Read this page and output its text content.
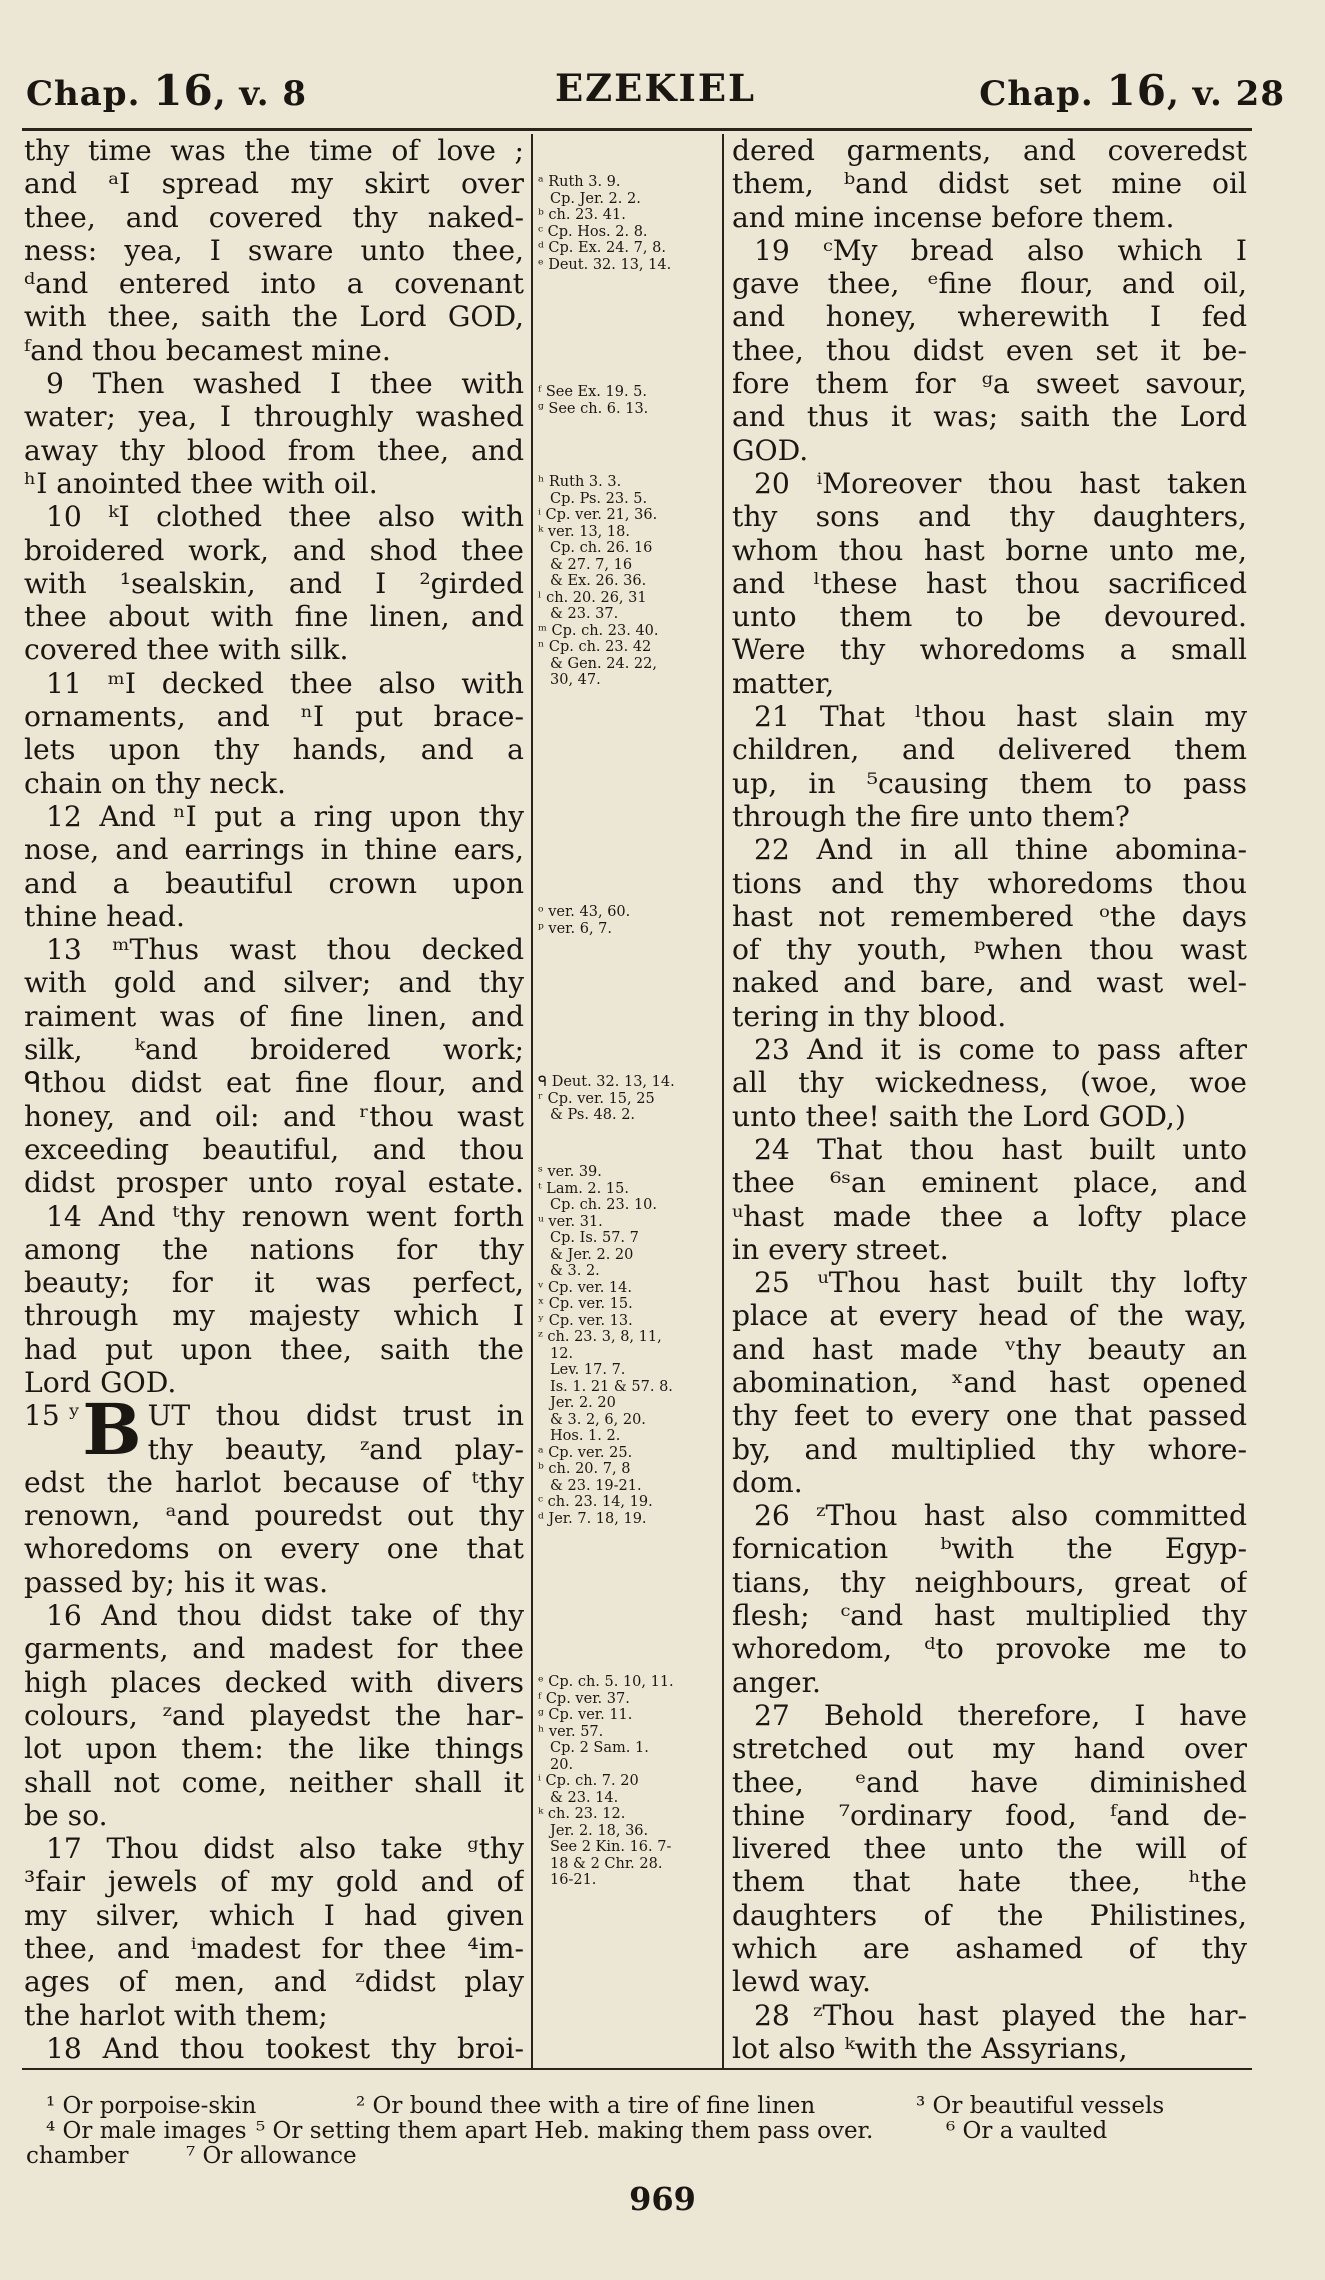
Chap. 16, v. 8	EZEKIEL	Chap. 16, v. 28
thy time was the time of love ;
and ᵃI spread my skirt over
thee, and covered thy naked-
ness: yea, I sware unto thee,
ᵈand entered into a covenant
with thee, saith the Lord GOD,
ᶠand thou becamest mine.
9 Then washed I thee with
water; yea, I throughly washed
away thy blood from thee, and
ʰI anointed thee with oil.
10 ᵏI clothed thee also with
broidered work, and shod thee
with ¹sealskin, and I ²girded
thee about with fine linen, and
covered thee with silk.
11 ᵐI decked thee also with
ornaments, and ⁿI put brace-
lets upon thy hands, and a
chain on thy neck.
12 And ⁿI put a ring upon thy
nose, and earrings in thine ears,
and a beautiful crown upon
thine head.
13 ᵐThus wast thou decked
with gold and silver; and thy
raiment was of fine linen, and
silk, ᵏand broidered work;
ᑫthou didst eat fine flour, and
honey, and oil: and ʳthou wast
exceeding beautiful, and thou
didst prosper unto royal estate.
14 And ᵗthy renown went forth
among the nations for thy
beauty; for it was perfect,
through my majesty which I
had put upon thee, saith the
Lord GOD.
15 ʸ B UT thou didst trust in
thy beauty, ᶻand play-
edst the harlot because of ᵗthy
renown, ᵃand pouredst out thy
whoredoms on every one that
passed by; his it was.
16 And thou didst take of thy
garments, and madest for thee
high places decked with divers
colours, ᶻand playedst the har-
lot upon them: the like things
shall not come, neither shall it
be so.
17 Thou didst also take ᵍthy
³fair jewels of my gold and of
my silver, which I had given
thee, and ⁱmadest for thee ⁴im-
ages of men, and ᶻdidst play
the harlot with them;
18 And thou tookest thy broi-
ᵃ Ruth 3. 9.
Cp. Jer. 2. 2.
ᵇ ch. 23. 41.
ᶜ Cp. Hos. 2. 8.
ᵈ Cp. Ex. 24. 7, 8.
ᵉ Deut. 32. 13, 14.
ᶠ See Ex. 19. 5.
ᵍ See ch. 6. 13.
ʰ Ruth 3. 3.
Cp. Ps. 23. 5.
ⁱ Cp. ver. 21, 36.
ᵏ ver. 13, 18.
Cp. ch. 26. 16
& 27. 7, 16
& Ex. 26. 36.
ˡ ch. 20. 26, 31
& 23. 37.
ᵐ Cp. ch. 23. 40.
ⁿ Cp. ch. 23. 42
& Gen. 24. 22,
30, 47.
ᵒ ver. 43, 60.
ᵖ ver. 6, 7.
ᑫ Deut. 32. 13, 14.
ʳ Cp. ver. 15, 25
& Ps. 48. 2.
ˢ ver. 39.
ᵗ Lam. 2. 15.
Cp. ch. 23. 10.
ᵘ ver. 31.
Cp. Is. 57. 7
& Jer. 2. 20
& 3. 2.
ᵛ Cp. ver. 14.
ˣ Cp. ver. 15.
ʸ Cp. ver. 13.
ᶻ ch. 23. 3, 8, 11,
12.
Lev. 17. 7.
Is. 1. 21 & 57. 8.
Jer. 2. 20
& 3. 2, 6, 20.
Hos. 1. 2.
ᵃ Cp. ver. 25.
ᵇ ch. 20. 7, 8
& 23. 19-21.
ᶜ ch. 23. 14, 19.
ᵈ Jer. 7. 18, 19.
ᵉ Cp. ch. 5. 10, 11.
ᶠ Cp. ver. 37.
ᵍ Cp. ver. 11.
ʰ ver. 57.
Cp. 2 Sam. 1.
20.
ⁱ Cp. ch. 7. 20
& 23. 14.
ᵏ ch. 23. 12.
Jer. 2. 18, 36.
See 2 Kin. 16. 7-
18 & 2 Chr. 28.
16-21.
dered garments, and coveredst
them, ᵇand didst set mine oil
and mine incense before them.
19 ᶜMy bread also which I
gave thee, ᵉfine flour, and oil,
and honey, wherewith I fed
thee, thou didst even set it be-
fore them for ᵍa sweet savour,
and thus it was; saith the Lord
GOD.
20 ⁱMoreover thou hast taken
thy sons and thy daughters,
whom thou hast borne unto me,
and ˡthese hast thou sacrificed
unto them to be devoured.
Were thy whoredoms a small
matter,
21 That ˡthou hast slain my
children, and delivered them
up, in ⁵causing them to pass
through the fire unto them?
22 And in all thine abomina-
tions and thy whoredoms thou
hast not remembered ᵒthe days
of thy youth, ᵖwhen thou wast
naked and bare, and wast wel-
tering in thy blood.
23 And it is come to pass after
all thy wickedness, (woe, woe
unto thee! saith the Lord GOD,)
24 That thou hast built unto
thee ⁶ˢan eminent place, and
ᵘhast made thee a lofty place
in every street.
25 ᵘThou hast built thy lofty
place at every head of the way,
and hast made ᵛthy beauty an
abomination, ˣand hast opened
thy feet to every one that passed
by, and multiplied thy whore-
dom.
26 ᶻThou hast also committed
fornication ᵇwith the Egyp-
tians, thy neighbours, great of
flesh; ᶜand hast multiplied thy
whoredom, ᵈto provoke me to
anger.
27 Behold therefore, I have
stretched out my hand over
thee, ᵉand have diminished
thine ⁷ordinary food, ᶠand de-
livered thee unto the will of
them that hate thee, ʰthe
daughters of the Philistines,
which are ashamed of thy
lewd way.
28 ᶻThou hast played the har-
lot also ᵏwith the Assyrians,
¹ Or porpoise-skin	² Or bound thee with a tire of fine linen	³ Or beautiful vessels
⁴ Or male images ⁵ Or setting them apart Heb. making them pass over.	⁶ Or a vaulted
chamber ⁷ Or allowance
969
